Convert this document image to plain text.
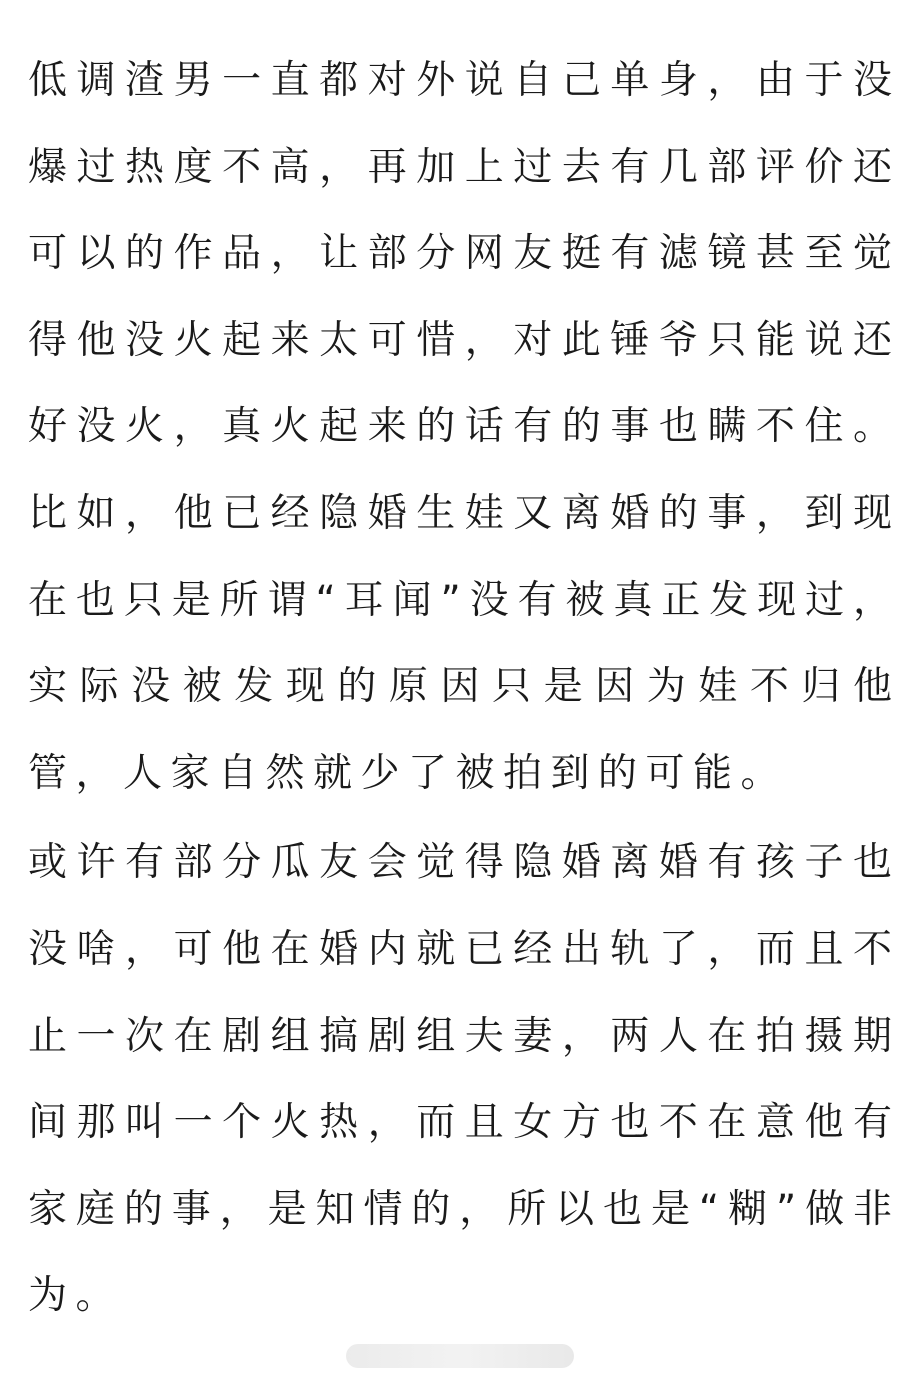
低调渣男一直都对外说自己单身，由于没
爆过热度不高，再加上过去有几部评价还
可以的作品，让部分网友挺有滤镜甚至觉
得他没火起来太可惜，对此锤爷只能说还
好没火，真火起来的话有的事也瞒不住。
比如，他已经隐婚生娃又离婚的事，到现
在也只是所谓“耳闻”没有被真正发现过，
实际没被发现的原因只是因为娃不归他
管，人家自然就少了被拍到的可能。
或许有部分瓜友会觉得隐婚离婚有孩子也
没啥，可他在婚内就已经出轨了，而且不
止一次在剧组搞剧组夫妻，两人在拍摄期
间那叫一个火热，而且女方也不在意他有
家庭的事，是知情的，所以也是“糊”做非
为。
